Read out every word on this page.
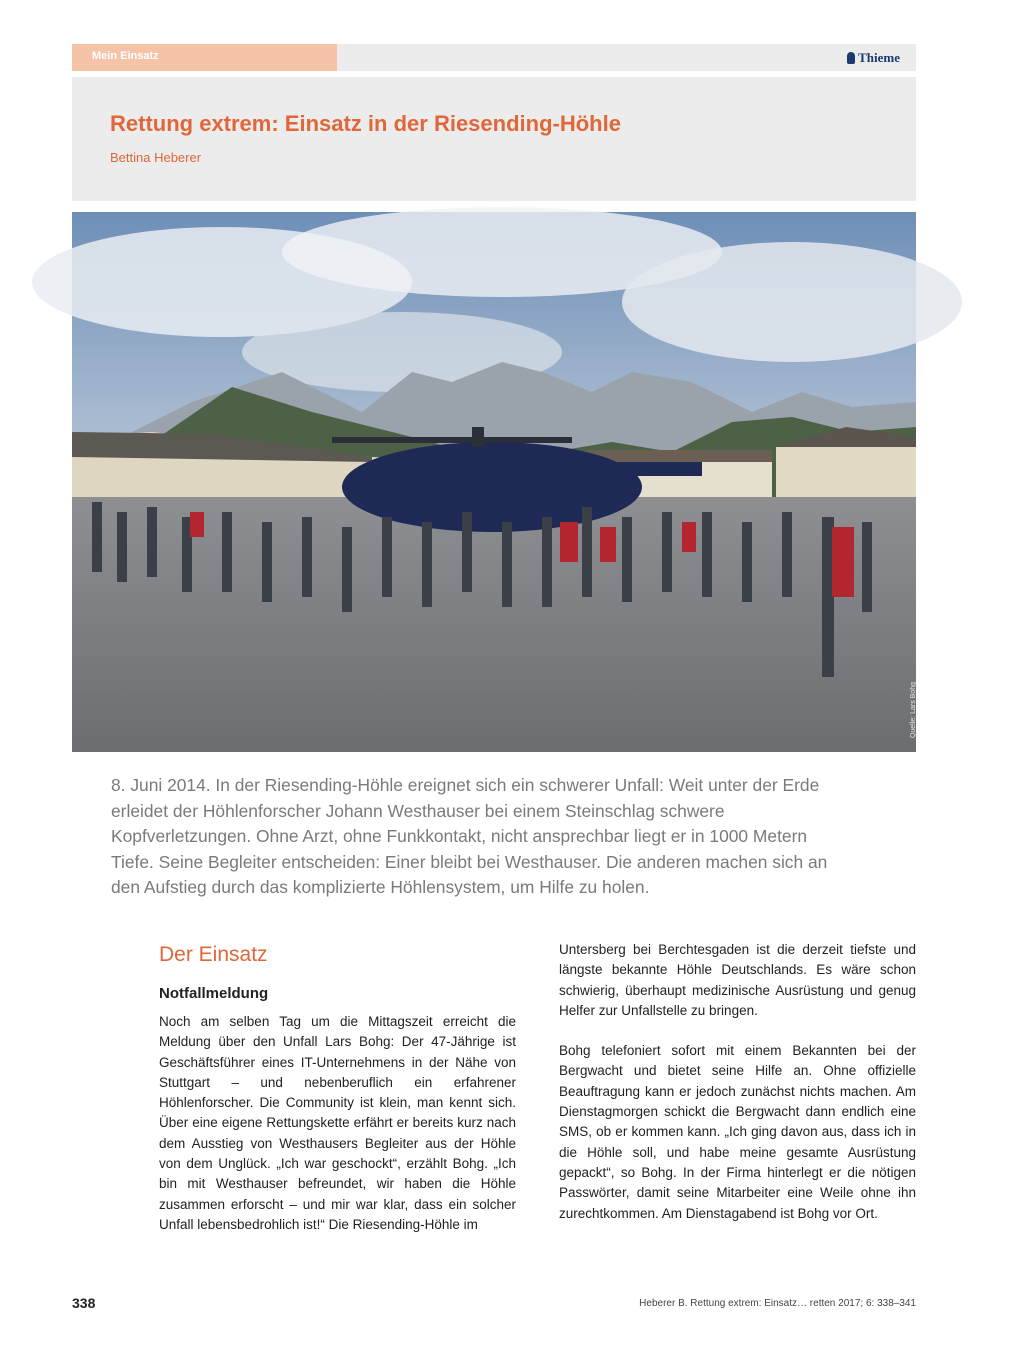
Mein Einsatz	Thieme
Rettung extrem: Einsatz in der Riesending-Höhle
Bettina Heberer
Quelle: Lars Bohg

8. Juni 2014. In der Riesending-Höhle ereignet sich ein schwerer Unfall: Weit unter der Erde erleidet der Höhlenforscher Johann Westhauser bei einem Steinschlag schwere Kopfverletzungen. Ohne Arzt, ohne Funkkontakt, nicht ansprechbar liegt er in 1000 Metern Tiefe. Seine Begleiter entscheiden: Einer bleibt bei Westhauser. Die anderen machen sich an den Aufstieg durch das komplizierte Höhlensystem, um Hilfe zu holen.

Der Einsatz
Notfallmeldung

Noch am selben Tag um die Mittagszeit erreicht die Meldung über den Unfall Lars Bohg: Der 47-Jährige ist Geschäftsführer eines IT-Unternehmens in der Nähe von Stuttgart – und nebenberuflich ein erfahrener Höhlenforscher. Die Community ist klein, man kennt sich. Über eine eigene Rettungskette erfährt er bereits kurz nach dem Ausstieg von Westhausers Begleiter aus der Höhle von dem Unglück. „Ich war geschockt“, erzählt Bohg. „Ich bin mit Westhauser befreundet, wir haben die Höhle zusammen erforscht – und mir war klar, dass ein solcher Unfall lebensbedrohlich ist!“ Die Riesending-Höhle im

Untersberg bei Berchtesgaden ist die derzeit tiefste und längste bekannte Höhle Deutschlands. Es wäre schon schwierig, überhaupt medizinische Ausrüstung und genug Helfer zur Unfallstelle zu bringen.

Bohg telefoniert sofort mit einem Bekannten bei der Bergwacht und bietet seine Hilfe an. Ohne offizielle Beauftragung kann er jedoch zunächst nichts machen. Am Dienstagmorgen schickt die Bergwacht dann endlich eine SMS, ob er kommen kann. „Ich ging davon aus, dass ich in die Höhle soll, und habe meine gesamte Ausrüstung gepackt“, so Bohg. In der Firma hinterlegt er die nötigen Passwörter, damit seine Mitarbeiter eine Weile ohne ihn zurechtkommen. Am Dienstagabend ist Bohg vor Ort.

338	Heberer B. Rettung extrem: Einsatz… retten 2017; 6: 338–341
